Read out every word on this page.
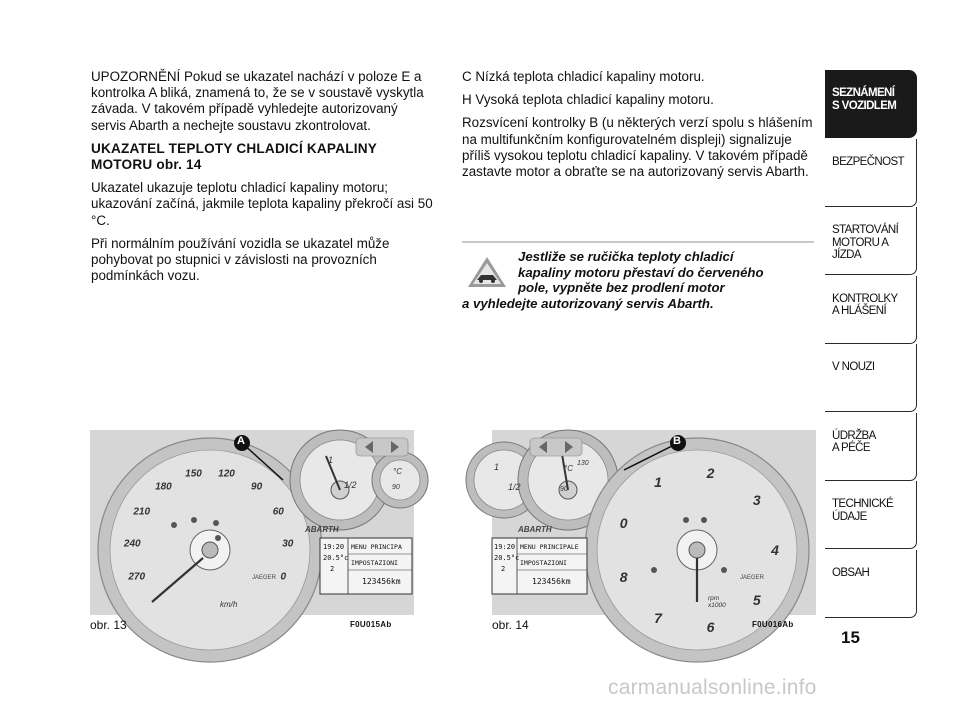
UPOZORNĚNÍ Pokud se ukazatel nachází v poloze E a kontrolka A bliká, znamená to, že se v soustavě vyskytla závada. V takovém případě vyhledejte autorizovaný servis Abarth a nechejte soustavu zkontrolovat.

UKAZATEL TEPLOTY CHLADICÍ KAPALINY
MOTORU obr. 14

Ukazatel ukazuje teplotu chladicí kapaliny motoru; ukazování začíná, jakmile teplota kapaliny překročí asi 50 °C.

Při normálním používání vozidla se ukazatel může pohybovat po stupnici v závislosti na provozních podmínkách vozu.

C Nízká teplota chladicí kapaliny motoru.

H Vysoká teplota chladicí kapaliny motoru.

Rozsvícení kontrolky B (u některých verzí spolu s hlášením na multifunkčním konfigurovatelném displeji) signalizuje příliš vysokou teplotu chladicí kapaliny. V takovém případě zastavte motor a obraťte se na autorizovaný servis Abarth.

Jestliže se ručička teploty chladicí
kapaliny motoru přestaví do červeného
pole, vypněte bez prodlení motor
a vyhledejte autorizovaný servis Abarth.
A
ABARTH
JAEGER
km/h
0
30
60
90
120
150
180
210
240
270
1
1/2
°C
90
19:20
20.5°c
2
MENU PRINCIPA
IMPOSTAZIONI
123456km
obr. 13	F0U015Ab
B
ABARTH
JAEGER
rpm x1000
0
1
2
3
4
5
6
7
8
1
1/2
°C
130
90
19:20
20.5°c
2
MENU PRINCIPALE
IMPOSTAZIONI
123456km
obr. 14	F0U016Ab
SEZNÁMENÍ
S VOZIDLEM
BEZPEČNOST
STARTOVÁNÍ
MOTORU A JÍZDA
KONTROLKY
A HLÁŠENÍ
V NOUZI
ÚDRŽBA
A PÉČE
TECHNICKÉ
ÚDAJE
OBSAH
15
carmanualsonline.info
